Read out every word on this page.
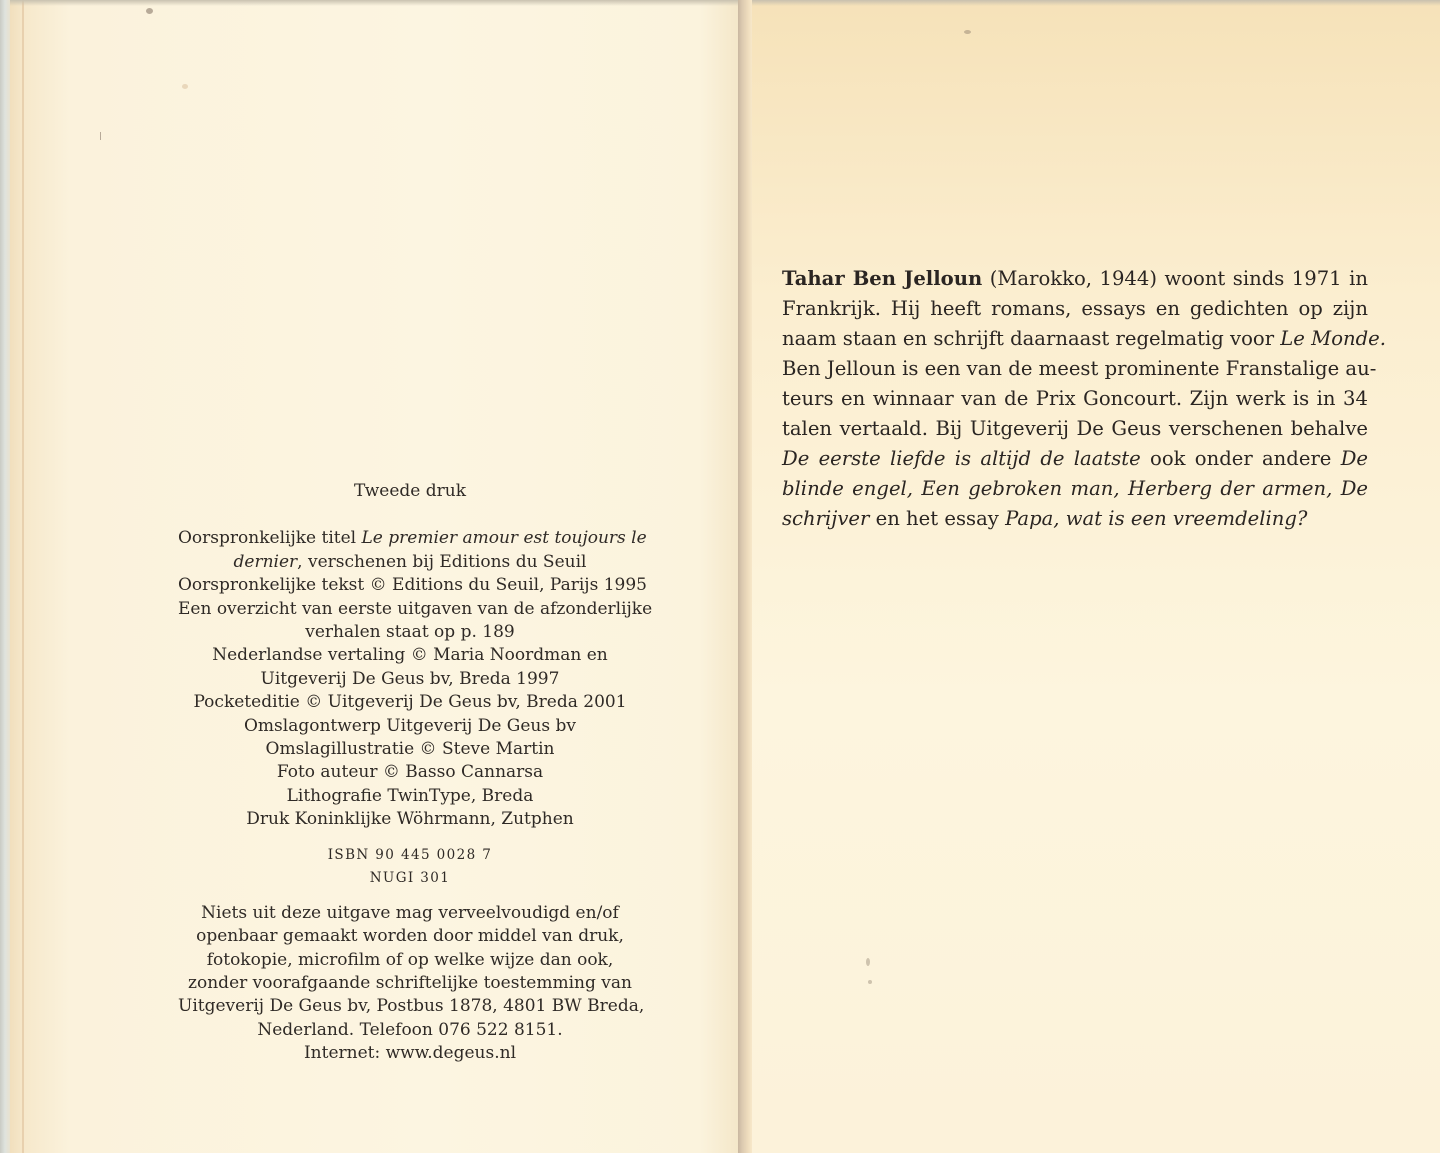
Tweede druk
Oorspronkelijke titel Le premier amour est toujours le
dernier, verschenen bij Editions du Seuil
Oorspronkelijke tekst © Editions du Seuil, Parijs 1995
Een overzicht van eerste uitgaven van de afzonderlijke
verhalen staat op p. 189
Nederlandse vertaling © Maria Noordman en
Uitgeverij De Geus bv, Breda 1997
Pocketeditie © Uitgeverij De Geus bv, Breda 2001
Omslagontwerp Uitgeverij De Geus bv
Omslagillustratie © Steve Martin
Foto auteur © Basso Cannarsa
Lithografie TwinType, Breda
Druk Koninklijke Wöhrmann, Zutphen
ISBN 90 445 0028 7
NUGI 301
Niets uit deze uitgave mag verveelvoudigd en/of
openbaar gemaakt worden door middel van druk,
fotokopie, microfilm of op welke wijze dan ook,
zonder voorafgaande schriftelijke toestemming van
Uitgeverij De Geus bv, Postbus 1878, 4801 BW Breda,
Nederland. Telefoon 076 522 8151.
Internet: www.degeus.nl
Tahar Ben Jelloun (Marokko, 1944) woont sinds 1971 in
Frankrijk. Hij heeft romans, essays en gedichten op zijn
naam staan en schrijft daarnaast regelmatig voor Le Monde.
Ben Jelloun is een van de meest prominente Franstalige au-
teurs en winnaar van de Prix Goncourt. Zijn werk is in 34
talen vertaald. Bij Uitgeverij De Geus verschenen behalve
De eerste liefde is altijd de laatste ook onder andere De
blinde engel, Een gebroken man, Herberg der armen, De
schrijver en het essay Papa, wat is een vreemdeling?
